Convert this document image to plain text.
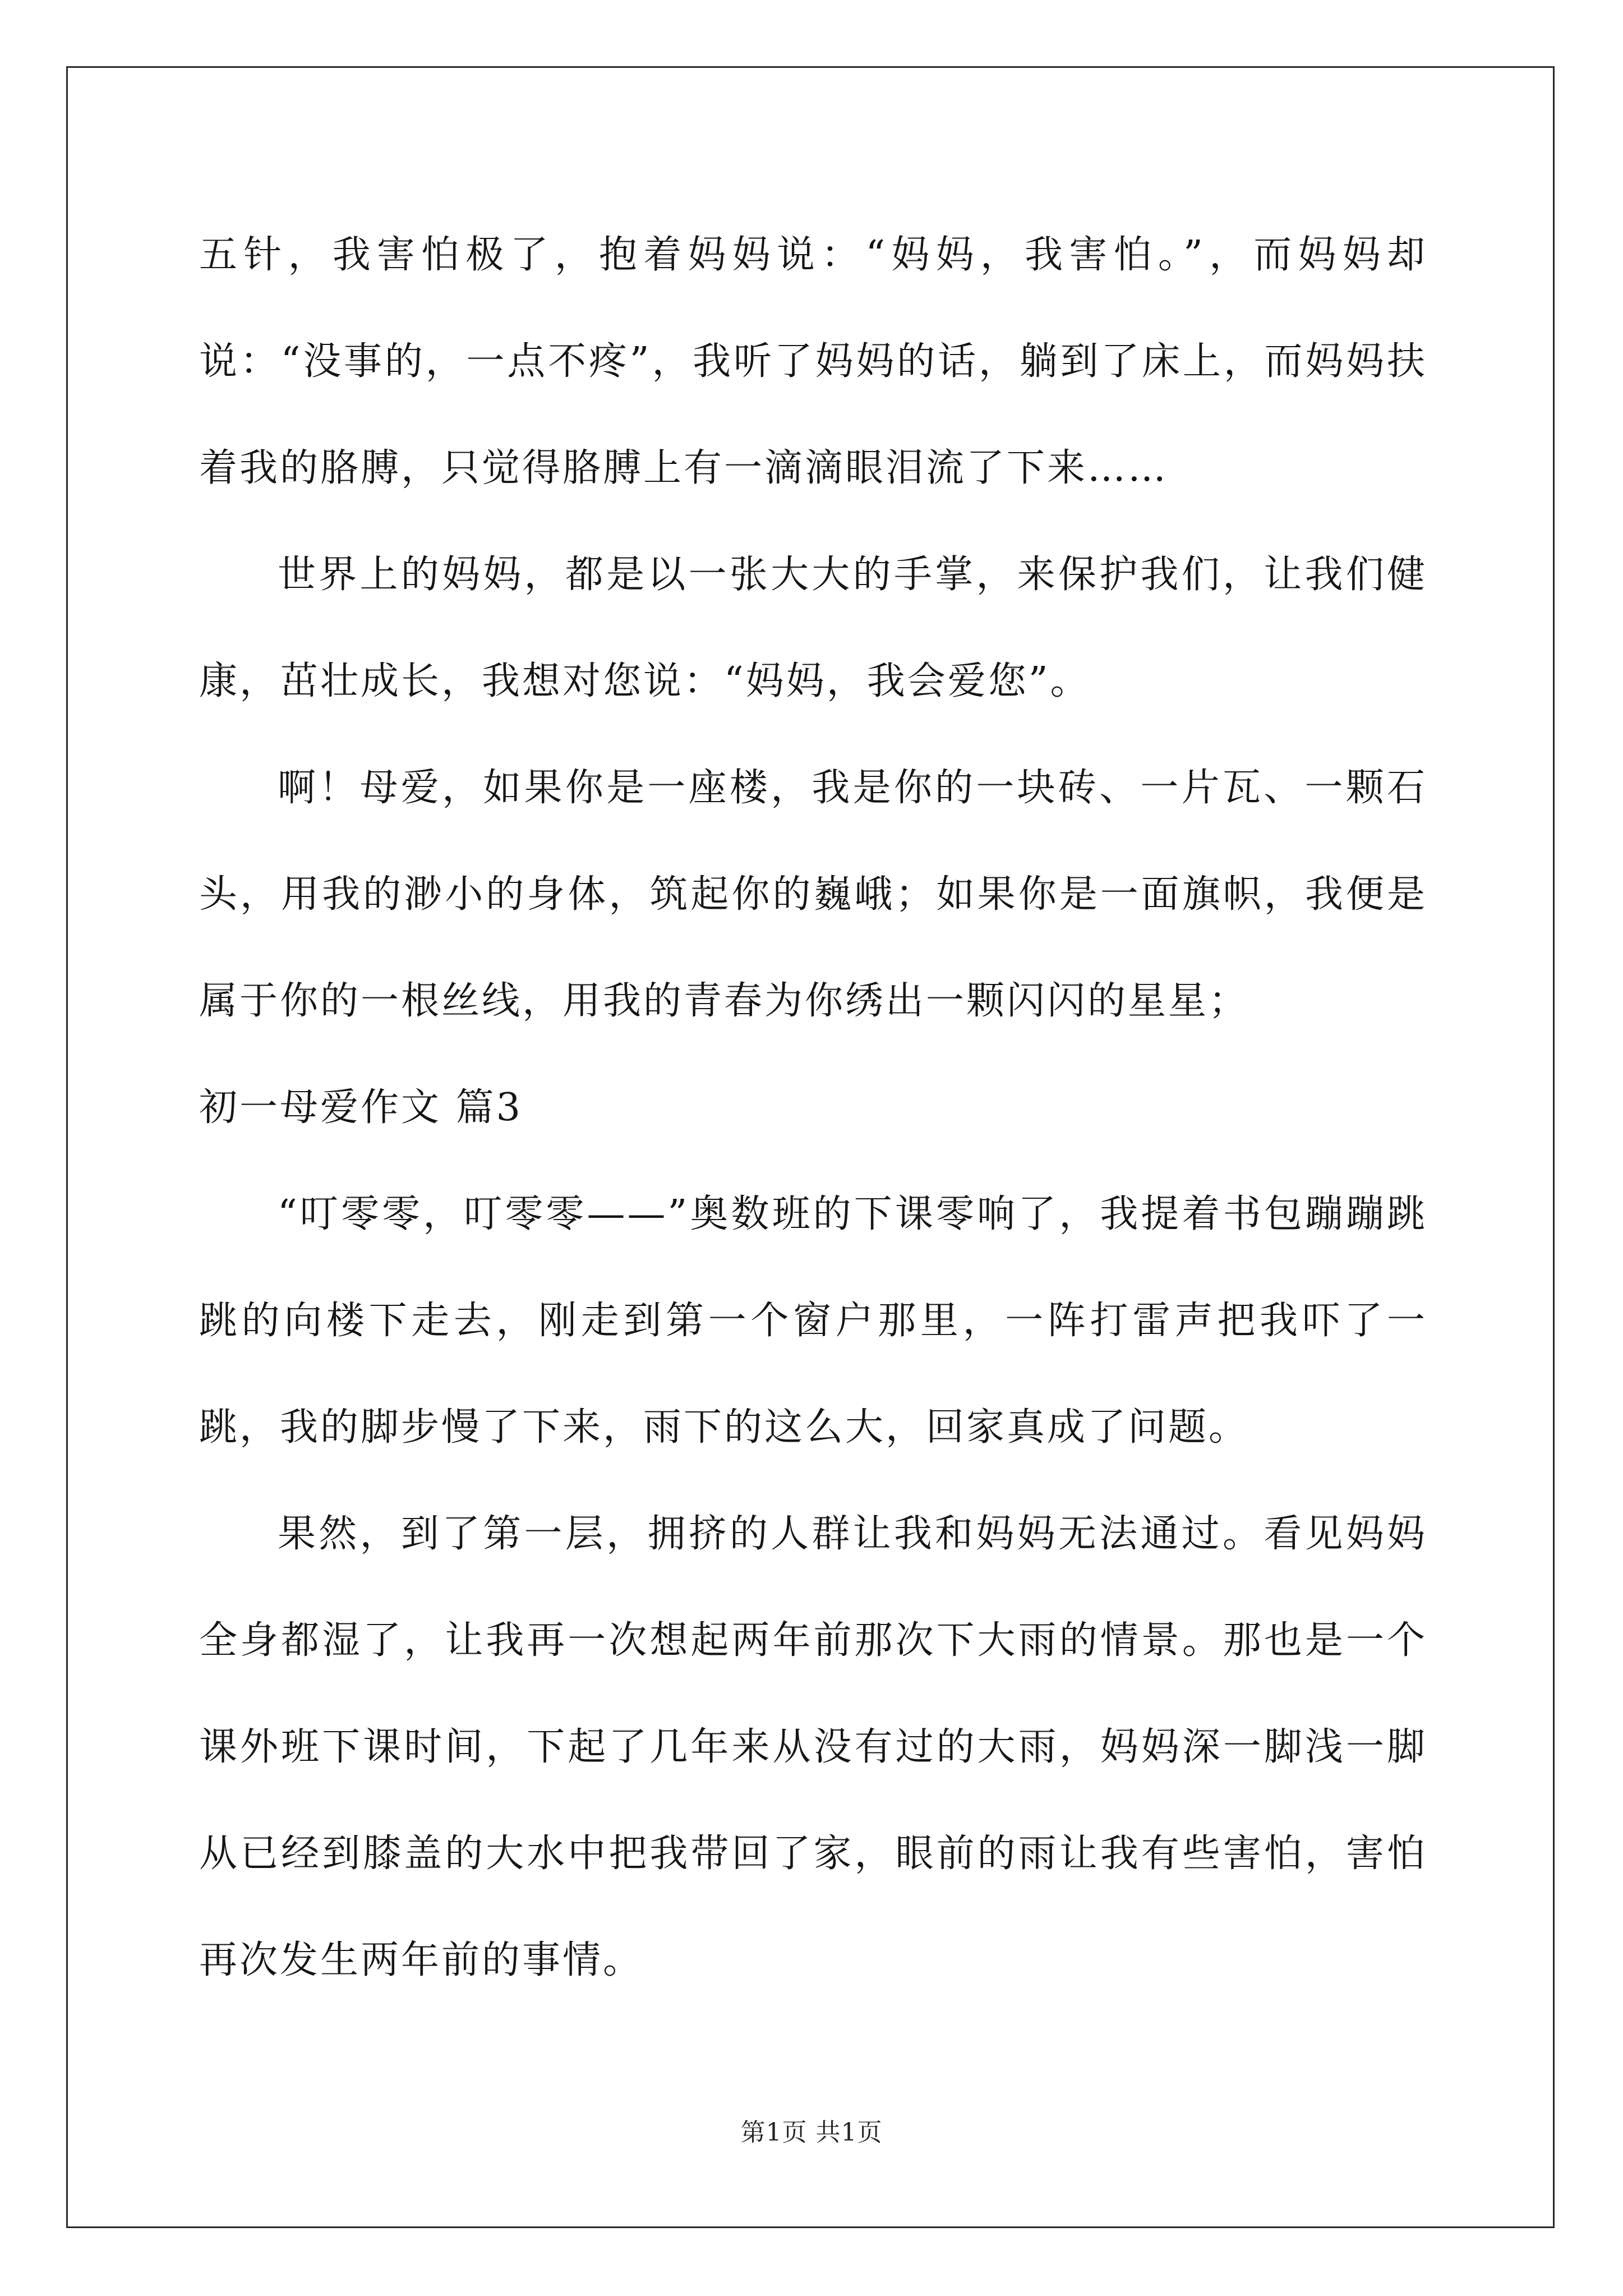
五针，我害怕极了，抱着妈妈说：“妈妈，我害怕。”，而妈妈却说：“没事的，一点不疼”，我听了妈妈的话，躺到了床上，而妈妈扶着我的胳膊，只觉得胳膊上有一滴滴眼泪流了下来……

世界上的妈妈，都是以一张大大的手掌，来保护我们，让我们健康，茁壮成长，我想对您说：“妈妈，我会爱您”。

啊！母爱，如果你是一座楼，我是你的一块砖、一片瓦、一颗石头，用我的渺小的身体，筑起你的巍峨；如果你是一面旗帜，我便是属于你的一根丝线，用我的青春为你绣出一颗闪闪的星星；

初一母爱作文 篇3

“叮零零，叮零零——”奥数班的下课零响了，我提着书包蹦蹦跳跳的向楼下走去，刚走到第一个窗户那里，一阵打雷声把我吓了一跳，我的脚步慢了下来，雨下的这么大，回家真成了问题。

果然，到了第一层，拥挤的人群让我和妈妈无法通过。看见妈妈全身都湿了，让我再一次想起两年前那次下大雨的情景。那也是一个课外班下课时间，下起了几年来从没有过的大雨，妈妈深一脚浅一脚从已经到膝盖的大水中把我带回了家，眼前的雨让我有些害怕，害怕再次发生两年前的事情。

第1页 共1页
